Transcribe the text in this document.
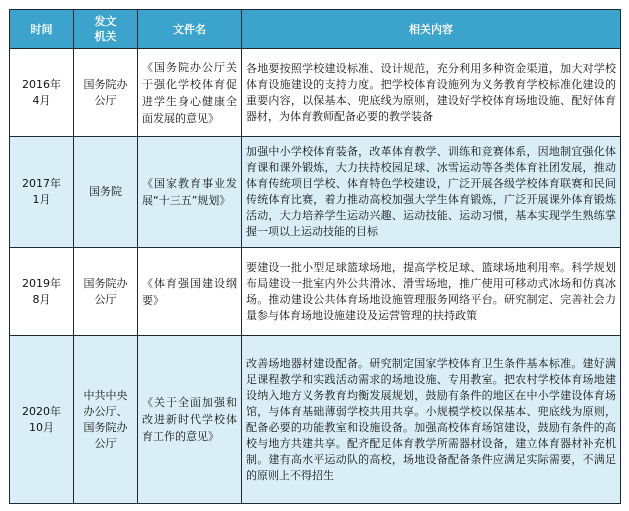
时间	发文机关	文件名	相关内容

2016年4月	国务院办公厅	《国务院办公厅关于强化学校体育促进学生身心健康全面发展的意见》	各地要按照学校建设标准、设计规范，充分利用多种资金渠道，加大对学校体育设施建设的支持力度。把学校体育设施列为义务教育学校标准化建设的重要内容，以保基本、兜底线为原则，建设好学校体育场地设施、配好体育器材，为体育教师配备必要的教学装备

2017年1月	国务院	《国家教育事业发展“十三五”规划》	加强中小学校体育装备，改革体育教学、训练和竞赛体系，因地制宜强化体育课和课外锻炼，大力扶持校园足球、冰雪运动等各类体育社团发展，推动体育传统项目学校、体育特色学校建设，广泛开展各级学校体育联赛和民间传统体育比赛，着力推动高校加强大学生体育锻炼，广泛开展课外体育锻炼活动，大力培养学生运动兴趣、运动技能、运动习惯，基本实现学生熟练掌握一项以上运动技能的目标

2019年8月	国务院办公厅	《体育强国建设纲要》	要建设一批小型足球篮球场地，提高学校足球、篮球场地利用率。科学规划布局建设一批室内外公共滑冰、滑雪场地，推广使用可移动式冰场和仿真冰场。推动建设公共体育场地设施管理服务网络平台。研究制定、完善社会力量参与体育场地设施建设及运营管理的扶持政策

2020年10月	中共中央办公厅、国务院办公厅	《关于全面加强和改进新时代学校体育工作的意见》	改善场地器材建设配备。研究制定国家学校体育卫生条件基本标准。建好满足课程教学和实践活动需求的场地设施、专用教室。把农村学校体育场地建设纳入地方义务教育均衡发展规划，鼓励有条件的地区在中小学建设体育场馆，与体育基础薄弱学校共用共享。小规模学校以保基本、兜底线为原则，配备必要的功能教室和设施设备。加强高校体育场馆建设，鼓励有条件的高校与地方共建共享。配齐配足体育教学所需器材设备，建立体育器材补充机制。建有高水平运动队的高校，场地设备配备条件应满足实际需要，不满足的原则上不得招生
